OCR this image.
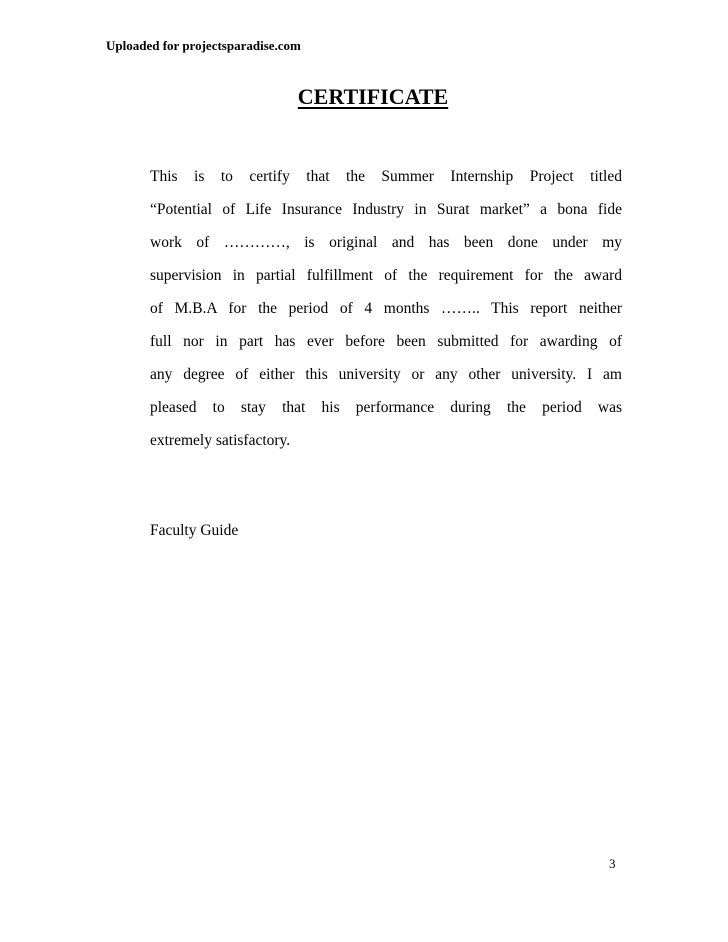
Uploaded for projectsparadise.com
CERTIFICATE
This is to certify that the Summer Internship Project titled
“Potential of Life Insurance Industry in Surat market” a bona fide
work of …………, is original and has been done under my
supervision in partial fulfillment of the requirement for the award
of M.B.A for the period of 4 months …….. This report neither
full nor in part has ever before been submitted for awarding of
any degree of either this university or any other university. I am
pleased to stay that his performance during the period was
extremely satisfactory.
Faculty Guide
3
